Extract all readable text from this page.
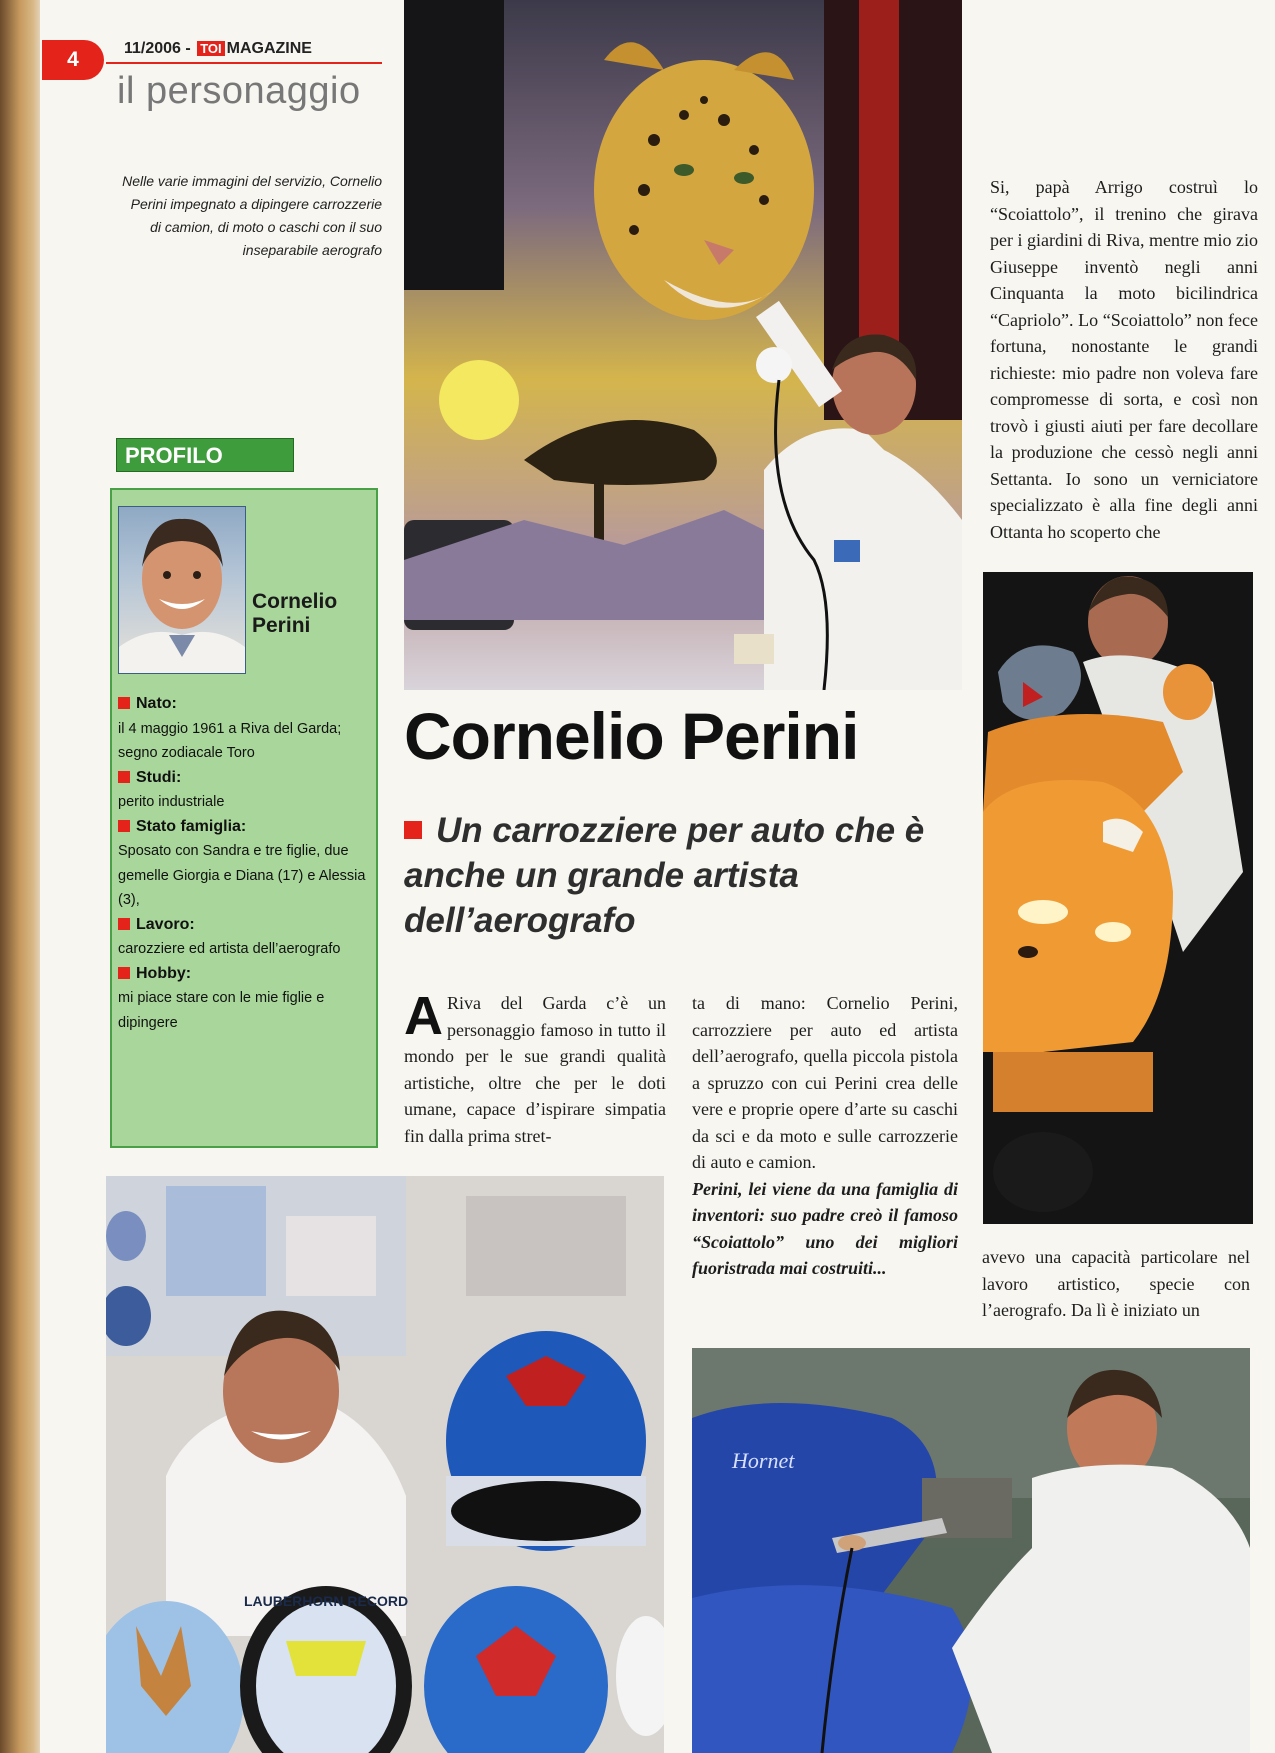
4	11/2006 - TOI MAGAZINE
il personaggio
Nelle varie immagini del servizio, Cornelio Perini impegnato a dipingere carrozzerie di camion, di moto o caschi con il suo inseparabile aerografo
PROFILO
Cornelio
Perini
Nato:
il 4 maggio 1961 a Riva del Garda; segno zodiacale Toro
Studi:
perito industriale
Stato famiglia:
Sposato con Sandra e tre figlie, due gemelle Giorgia e Diana (17) e Alessia (3),
Lavoro:
carozziere ed artista dell’aerografo
Hobby:
mi piace stare con le mie figlie e dipingere
Cornelio Perini
Un carrozziere per auto che è anche un grande artista dell’aerografo
A Riva del Garda c’è un personaggio famoso in tutto il mondo per le sue grandi qualità artistiche, oltre che per le doti umane, capace d’ispirare simpatia fin dalla prima stret-
ta di mano: Cornelio Perini, carrozziere per auto ed artista dell’aerografo, quella piccola pistola a spruzzo con cui Perini crea delle vere e proprie opere d’arte su caschi da sci e da moto e sulle carrozzerie di auto e camion.
Perini, lei viene da una famiglia di inventori: suo padre creò il famoso “Scoiattolo” uno dei migliori fuoristrada mai costruiti...
Si, papà Arrigo costruì lo “Scoiattolo”, il trenino che girava per i giardini di Riva, mentre mio zio Giuseppe inventò negli anni Cinquanta la moto bicilindrica “Capriolo”. Lo “Scoiattolo” non fece fortuna, nonostante le grandi richieste: mio padre non voleva fare compromesse di sorta, e così non trovò i giusti aiuti per fare decollare la produzione che cessò negli anni Settanta. Io sono un verniciatore specializzato è alla fine degli anni Ottanta ho scoperto che
avevo una capacità particolare nel lavoro artistico, specie con l’aerografo. Da lì è iniziato un
LAUBERHORN RECORD
Hornet
